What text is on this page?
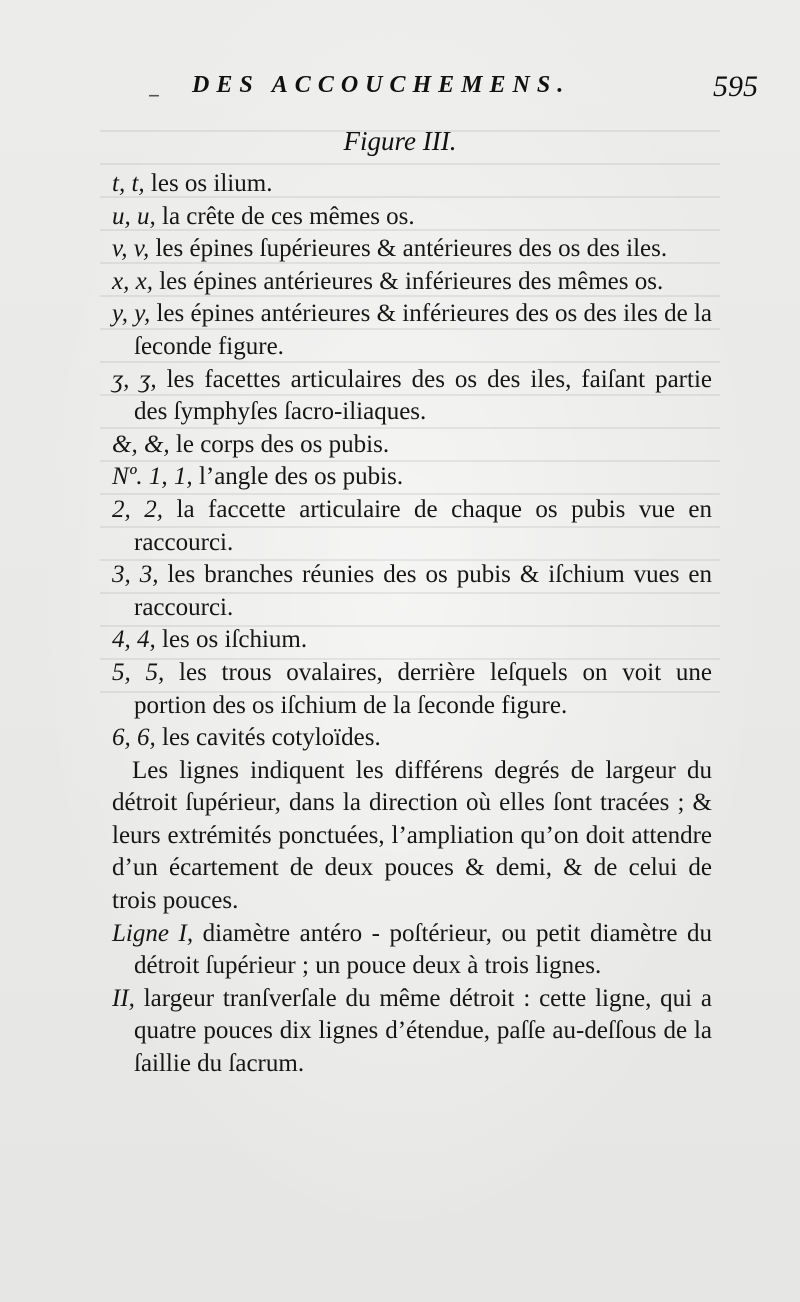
– DES ACCOUCHEMENS.	595
Figure III.
t, t, les os ilium.
u, u, la crête de ces mêmes os.
v, v, les épines ſupérieures & antérieures des os des iles.
x, x, les épines antérieures & inférieures des mêmes os.
y, y, les épines antérieures & inférieures des os des iles de la ſeconde figure.
ʒ, ʒ, les facettes articulaires des os des iles, faiſant partie des ſymphyſes ſacro-iliaques.
&, &, le corps des os pubis.
Nº. 1, 1, l’angle des os pubis.
2, 2, la faccette articulaire de chaque os pubis vue en raccourci.
3, 3, les branches réunies des os pubis & iſchium vues en raccourci.
4, 4, les os iſchium.
5, 5, les trous ovalaires, derrière leſquels on voit une portion des os iſchium de la ſeconde figure.
6, 6, les cavités cotyloïdes.
Les lignes indiquent les différens degrés de largeur du détroit ſupérieur, dans la direction où elles ſont tracées ; & leurs extrémités ponctuées, l’ampliation qu’on doit attendre d’un écartement de deux pouces & demi, & de celui de trois pouces.
Ligne I, diamètre antéro - poſtérieur, ou petit diamètre du détroit ſupérieur ; un pouce deux à trois lignes.
II, largeur tranſverſale du même détroit : cette ligne, qui a quatre pouces dix lignes d’étendue, paſſe au-deſſous de la ſaillie du ſacrum.
